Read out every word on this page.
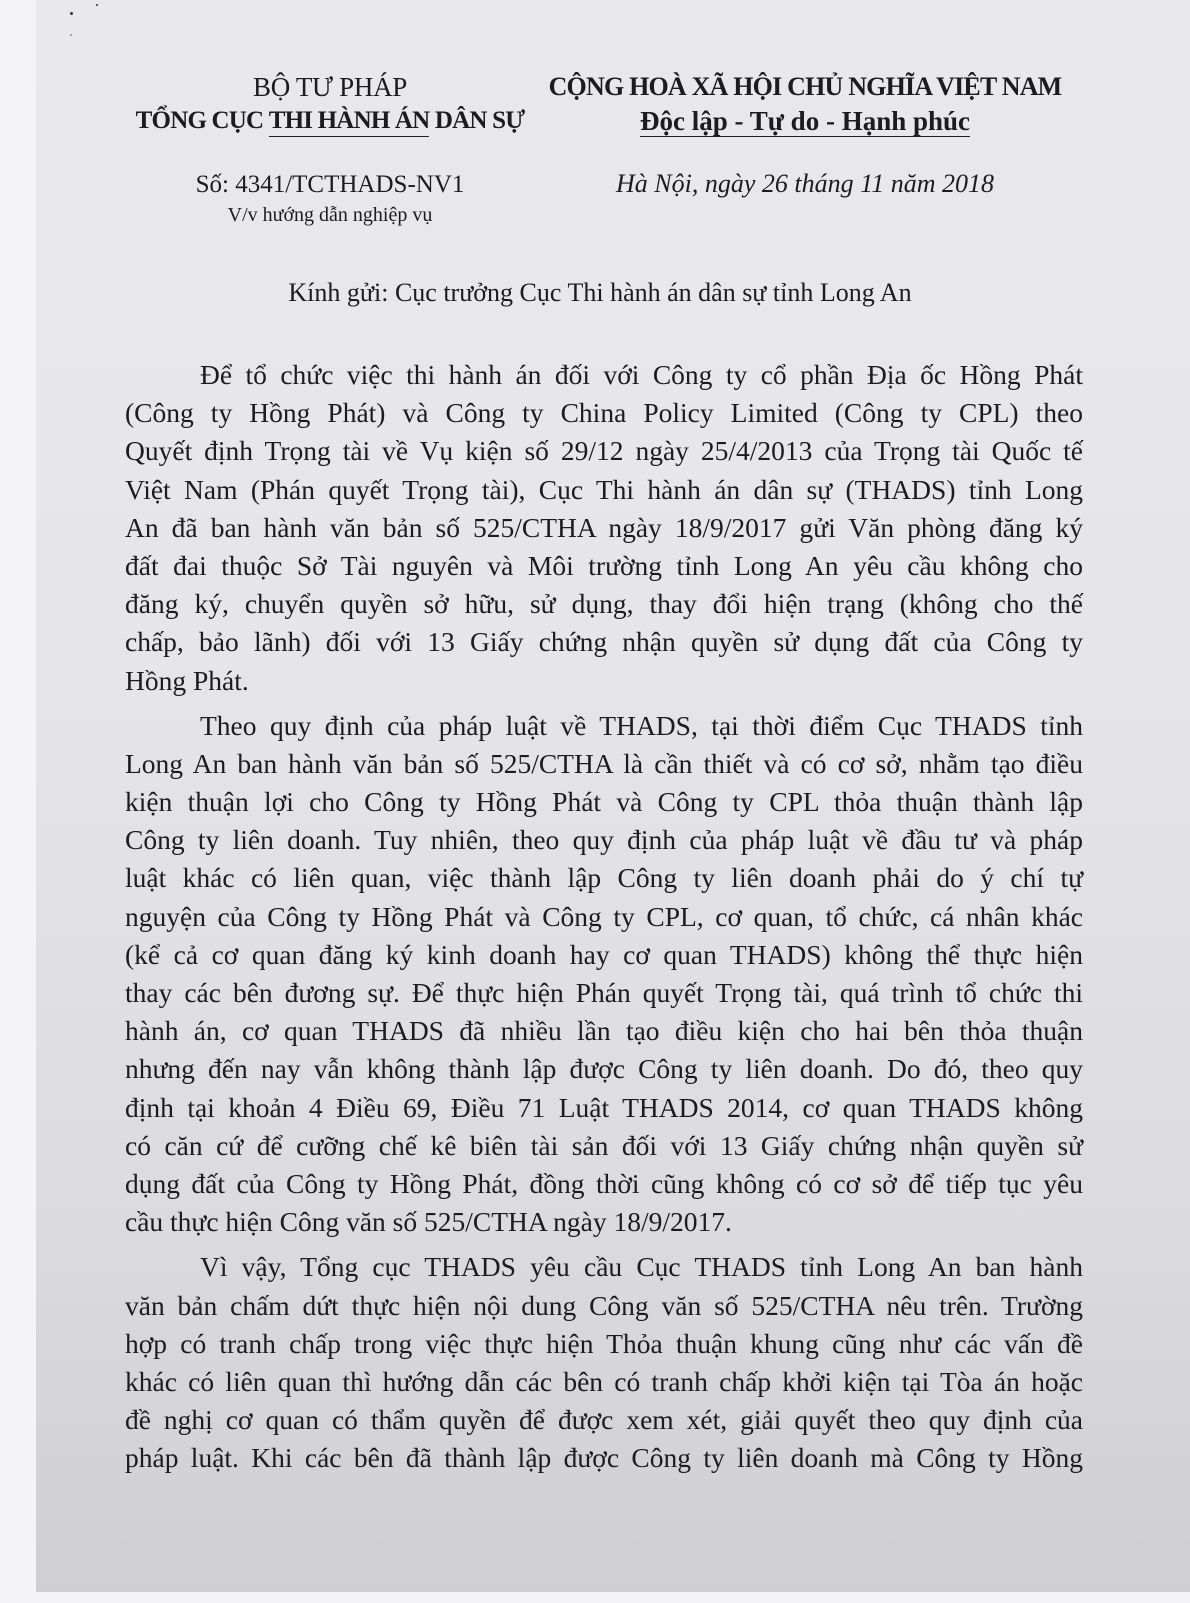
BỘ TƯ PHÁP
TỔNG CỤC THI HÀNH ÁN DÂN SỰ
CỘNG HOÀ XÃ HỘI CHỦ NGHĨA VIỆT NAM
Độc lập - Tự do - Hạnh phúc
Số: 4341/TCTHADS-NV1
V/v hướng dẫn nghiệp vụ
Hà Nội, ngày 26 tháng 11 năm 2018
Kính gửi: Cục trưởng Cục Thi hành án dân sự tỉnh Long An

Để tổ chức việc thi hành án đối với Công ty cổ phần Địa ốc Hồng Phát
(Công ty Hồng Phát) và Công ty China Policy Limited (Công ty CPL) theo
Quyết định Trọng tài về Vụ kiện số 29/12 ngày 25/4/2013 của Trọng tài Quốc tế
Việt Nam (Phán quyết Trọng tài), Cục Thi hành án dân sự (THADS) tỉnh Long
An đã ban hành văn bản số 525/CTHA ngày 18/9/2017 gửi Văn phòng đăng ký
đất đai thuộc Sở Tài nguyên và Môi trường tỉnh Long An yêu cầu không cho
đăng ký, chuyển quyền sở hữu, sử dụng, thay đổi hiện trạng (không cho thế
chấp, bảo lãnh) đối với 13 Giấy chứng nhận quyền sử dụng đất của Công ty
Hồng Phát.

Theo quy định của pháp luật về THADS, tại thời điểm Cục THADS tỉnh
Long An ban hành văn bản số 525/CTHA là cần thiết và có cơ sở, nhằm tạo điều
kiện thuận lợi cho Công ty Hồng Phát và Công ty CPL thỏa thuận thành lập
Công ty liên doanh. Tuy nhiên, theo quy định của pháp luật về đầu tư và pháp
luật khác có liên quan, việc thành lập Công ty liên doanh phải do ý chí tự
nguyện của Công ty Hồng Phát và Công ty CPL, cơ quan, tổ chức, cá nhân khác
(kể cả cơ quan đăng ký kinh doanh hay cơ quan THADS) không thể thực hiện
thay các bên đương sự. Để thực hiện Phán quyết Trọng tài, quá trình tổ chức thi
hành án, cơ quan THADS đã nhiều lần tạo điều kiện cho hai bên thỏa thuận
nhưng đến nay vẫn không thành lập được Công ty liên doanh. Do đó, theo quy
định tại khoản 4 Điều 69, Điều 71 Luật THADS 2014, cơ quan THADS không
có căn cứ để cưỡng chế kê biên tài sản đối với 13 Giấy chứng nhận quyền sử
dụng đất của Công ty Hồng Phát, đồng thời cũng không có cơ sở để tiếp tục yêu
cầu thực hiện Công văn số 525/CTHA ngày 18/9/2017.

Vì vậy, Tổng cục THADS yêu cầu Cục THADS tỉnh Long An ban hành
văn bản chấm dứt thực hiện nội dung Công văn số 525/CTHA nêu trên. Trường
hợp có tranh chấp trong việc thực hiện Thỏa thuận khung cũng như các vấn đề
khác có liên quan thì hướng dẫn các bên có tranh chấp khởi kiện tại Tòa án hoặc
đề nghị cơ quan có thẩm quyền để được xem xét, giải quyết theo quy định của
pháp luật. Khi các bên đã thành lập được Công ty liên doanh mà Công ty Hồng
